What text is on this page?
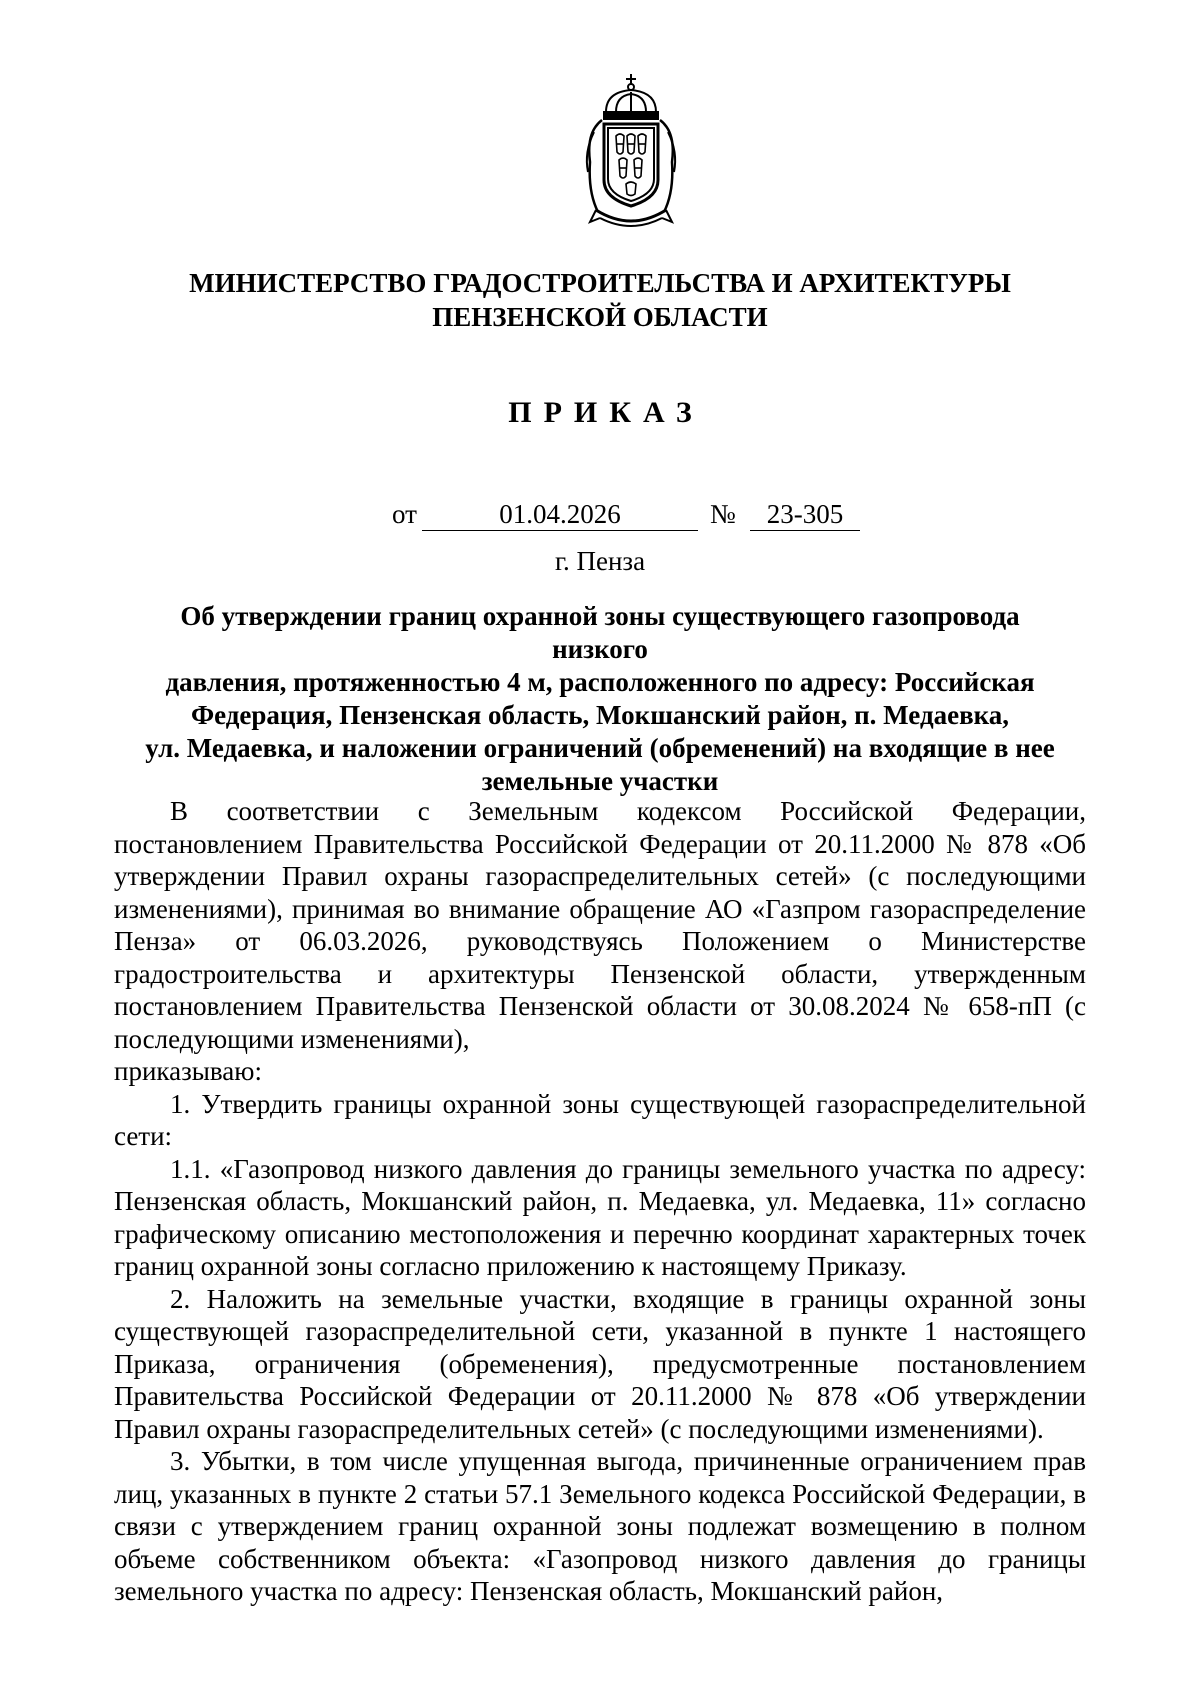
МИНИСТЕРСТВО ГРАДОСТРОИТЕЛЬСТВА И АРХИТЕКТУРЫ
ПЕНЗЕНСКОЙ ОБЛАСТИ
ПРИКАЗ
от	01.04.2026	№	23-305
г. Пенза
Об утверждении границ охранной зоны существующего газопровода низкого
давления, протяженностью 4 м, расположенного по адресу: Российская
Федерация, Пензенская область, Мокшанский район, п. Медаевка,
ул. Медаевка, и наложении ограничений (обременений) на входящие в нее
земельные участки

В соответствии с Земельным кодексом Российской Федерации, постановлением Правительства Российской Федерации от 20.11.2000 № 878 «Об утверждении Правил охраны газораспределительных сетей» (с последующими изменениями), принимая во внимание обращение АО «Газпром газораспределение Пенза» от 06.03.2026, руководствуясь Положением о Министерстве градостроительства и архитектуры Пензенской области, утвержденным постановлением Правительства Пензенской области от 30.08.2024 № 658-пП (с последующими изменениями),

приказываю:

1. Утвердить границы охранной зоны существующей газораспределительной сети:

1.1. «Газопровод низкого давления до границы земельного участка по адресу: Пензенская область, Мокшанский район, п. Медаевка, ул. Медаевка, 11» согласно графическому описанию местоположения и перечню координат характерных точек границ охранной зоны согласно приложению к настоящему Приказу.

2. Наложить на земельные участки, входящие в границы охранной зоны существующей газораспределительной сети, указанной в пункте 1 настоящего Приказа, ограничения (обременения), предусмотренные постановлением Правительства Российской Федерации от 20.11.2000 № 878 «Об утверждении Правил охраны газораспределительных сетей» (с последующими изменениями).

3. Убытки, в том числе упущенная выгода, причиненные ограничением прав лиц, указанных в пункте 2 статьи 57.1 Земельного кодекса Российской Федерации, в связи с утверждением границ охранной зоны подлежат возмещению в полном объеме собственником объекта: «Газопровод низкого давления до границы земельного участка по адресу: Пензенская область, Мокшанский район,
